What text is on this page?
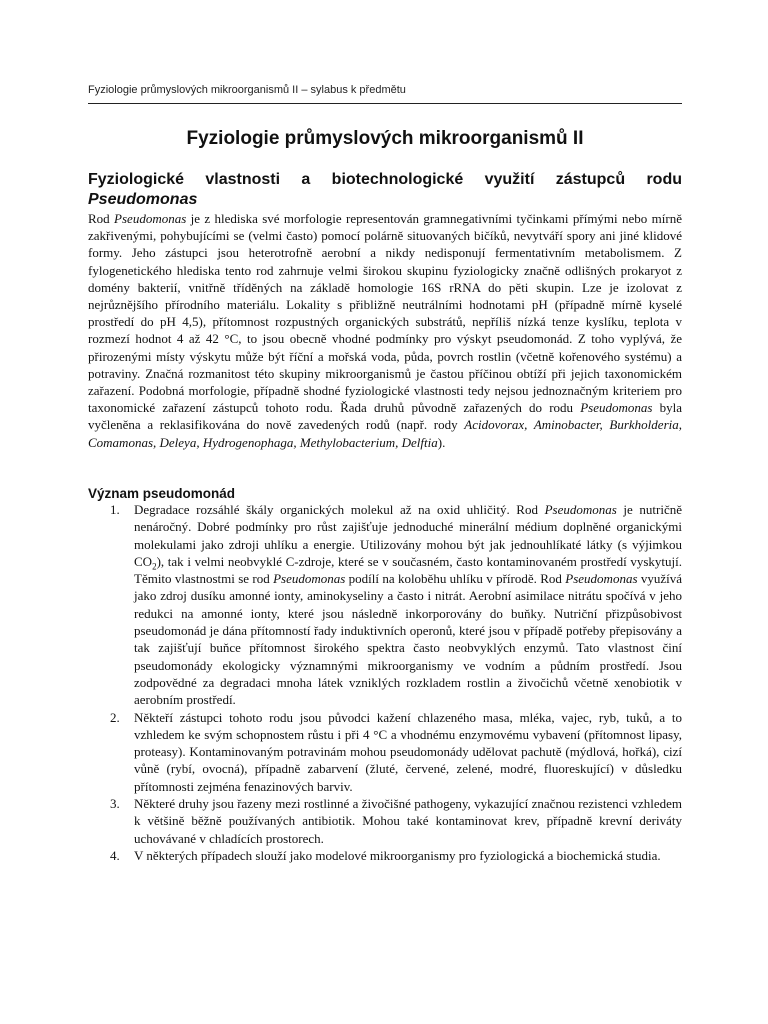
Fyziologie průmyslových mikroorganismů II – sylabus k předmětu
Fyziologie průmyslových mikroorganismů II
Fyziologické vlastnosti a biotechnologické využití zástupců rodu
Pseudomonas

Rod Pseudomonas je z hlediska své morfologie representován gramnegativními tyčinkami přímými nebo mírně zakřivenými, pohybujícími se (velmi často) pomocí polárně situovaných bičíků, nevytváří spory ani jiné klidové formy. Jeho zástupci jsou heterotrofně aerobní a nikdy nedisponují fermentativním metabolismem. Z fylogenetického hlediska tento rod zahrnuje velmi širokou skupinu fyziologicky značně odlišných prokaryot z domény bakterií, vnitřně tříděných na základě homologie 16S rRNA do pěti skupin. Lze je izolovat z nejrůznějšího přírodního materiálu. Lokality s přibližně neutrálními hodnotami pH (případně mírně kyselé prostředí do pH 4,5), přítomnost rozpustných organických substrátů, nepříliš nízká tenze kyslíku, teplota v rozmezí hodnot 4 až 42 °C, to jsou obecně vhodné podmínky pro výskyt pseudomonád. Z toho vyplývá, že přirozenými místy výskytu může být říční a mořská voda, půda, povrch rostlin (včetně kořenového systému) a potraviny. Značná rozmanitost této skupiny mikroorganismů je častou příčinou obtíží při jejich taxonomickém zařazení. Podobná morfologie, případně shodné fyziologické vlastnosti tedy nejsou jednoznačným kriteriem pro taxonomické zařazení zástupců tohoto rodu. Řada druhů původně zařazených do rodu Pseudomonas byla vyčleněna a reklasifikována do nově zavedených rodů (např. rody Acidovorax, Aminobacter, Burkholderia, Comamonas, Deleya, Hydrogenophaga, Methylobacterium, Delftia).

Význam pseudomonád
1. Degradace rozsáhlé škály organických molekul až na oxid uhličitý. Rod Pseudomonas je nutričně nenáročný. Dobré podmínky pro růst zajišťuje jednoduché minerální médium doplněné organickými molekulami jako zdroji uhlíku a energie. Utilizovány mohou být jak jednouhlíkaté látky (s výjimkou $CO_2$), tak i velmi neobvyklé C-zdroje, které se v současném, často kontaminovaném prostředí vyskytují. Těmito vlastnostmi se rod Pseudomonas podílí na koloběhu uhlíku v přírodě. Rod Pseudomonas využívá jako zdroj dusíku amonné ionty, aminokyseliny a často i nitrát. Aerobní asimilace nitrátu spočívá v jeho redukci na amonné ionty, které jsou následně inkorporovány do buňky. Nutriční přizpůsobivost pseudomonád je dána přítomností řady induktivních operonů, které jsou v případě potřeby přepisovány a tak zajišťují buňce přítomnost širokého spektra často neobvyklých enzymů. Tato vlastnost činí pseudomonády ekologicky významnými mikroorganismy ve vodním a půdním prostředí. Jsou zodpovědné za degradaci mnoha látek vzniklých rozkladem rostlin a živočichů včetně xenobiotik v aerobním prostředí.
2. Někteří zástupci tohoto rodu jsou původci kažení chlazeného masa, mléka, vajec, ryb, tuků, a to vzhledem ke svým schopnostem růstu i při 4 °C a vhodnému enzymovému vybavení (přítomnost lipasy, proteasy). Kontaminovaným potravinám mohou pseudomonády udělovat pachutě (mýdlová, hořká), cizí vůně (rybí, ovocná), případně zabarvení (žluté, červené, zelené, modré, fluoreskující) v důsledku přítomnosti zejména fenazinových barviv.
3. Některé druhy jsou řazeny mezi rostlinné a živočišné pathogeny, vykazující značnou rezistenci vzhledem k většině běžně používaných antibiotik. Mohou také kontaminovat krev, případně krevní deriváty uchovávané v chladících prostorech.
4. V některých případech slouží jako modelové mikroorganismy pro fyziologická a biochemická studia.
